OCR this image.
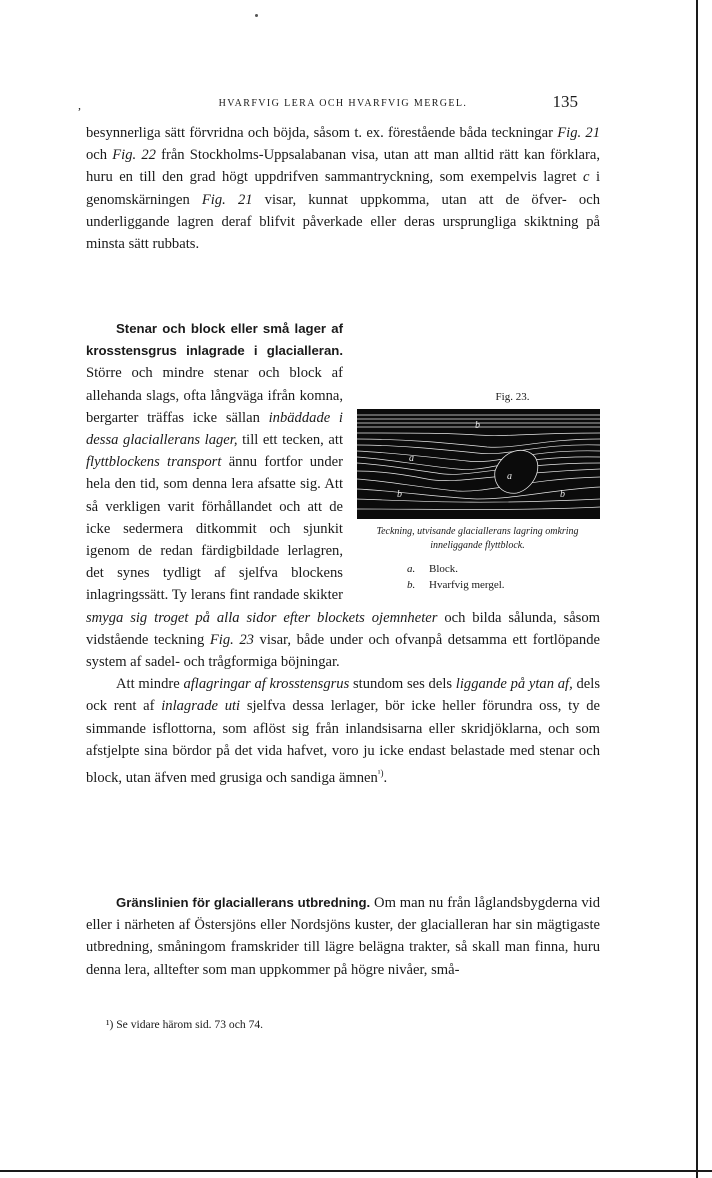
,	HVARFVIG LERA OCH HVARFVIG MERGEL.	135

besynnerliga sätt förvridna och böjda, såsom t. ex. förestående båda teckningar Fig. 21 och Fig. 22 från Stockholms-Uppsalabanan visa, utan att man alltid rätt kan förklara, huru en till den grad högt uppdrifven sammantryckning, som exempelvis lagret c i genomskärningen Fig. 21 visar, kunnat uppkomma, utan att de öfver- och underliggande lagren deraf blifvit påverkade eller deras ursprungliga skiktning på minsta sätt rubbats.

Fig. 23.
b
a
a
b	b
Teckning, utvisande glaciallerans lagring omkring inneliggande flyttblock.
a. Block.
b. Hvarfvig mergel.

Stenar och block eller små lager af krosstensgrus inlagrade i glacialleran. Större och mindre stenar och block af allehanda slags, ofta långväga ifrån komna, bergarter träffas icke sällan inbäddade i dessa glaciallerans lager, till ett tecken, att flyttblockens transport ännu fortfor under hela den tid, som denna lera afsatte sig. Att så verkligen varit förhållandet och att de icke sedermera ditkommit och sjunkit igenom de redan färdigbildade lerlagren, det synes tydligt af sjelfva blockens inlagringssätt. Ty lerans fint randade skikter smyga sig troget på alla sidor efter blockets ojemnheter och bilda sålunda, såsom vidstående teckning Fig. 23 visar, både under och ofvanpå detsamma ett fortlöpande system af sadel- och trågformiga böjningar.

Att mindre aflagringar af krosstensgrus stundom ses dels liggande på ytan af, dels ock rent af inlagrade uti sjelfva dessa lerlager, bör icke heller förundra oss, ty de simmande isflottorna, som aflöst sig från inlandsisarna eller skridjöklarna, och som afstjelpte sina bördor på det vida hafvet, voro ju icke endast belastade med stenar och block, utan äfven med grusiga och sandiga ämnen$^{^1)}$.

Gränslinien för glaciallerans utbredning. Om man nu från låglandsbygderna vid eller i närheten af Östersjöns eller Nordsjöns kuster, der glacialleran har sin mägtigaste utbredning, småningom framskrider till lägre belägna trakter, så skall man finna, huru denna lera, alltefter som man uppkommer på högre nivåer, små-

¹) Se vidare härom sid. 73 och 74.
